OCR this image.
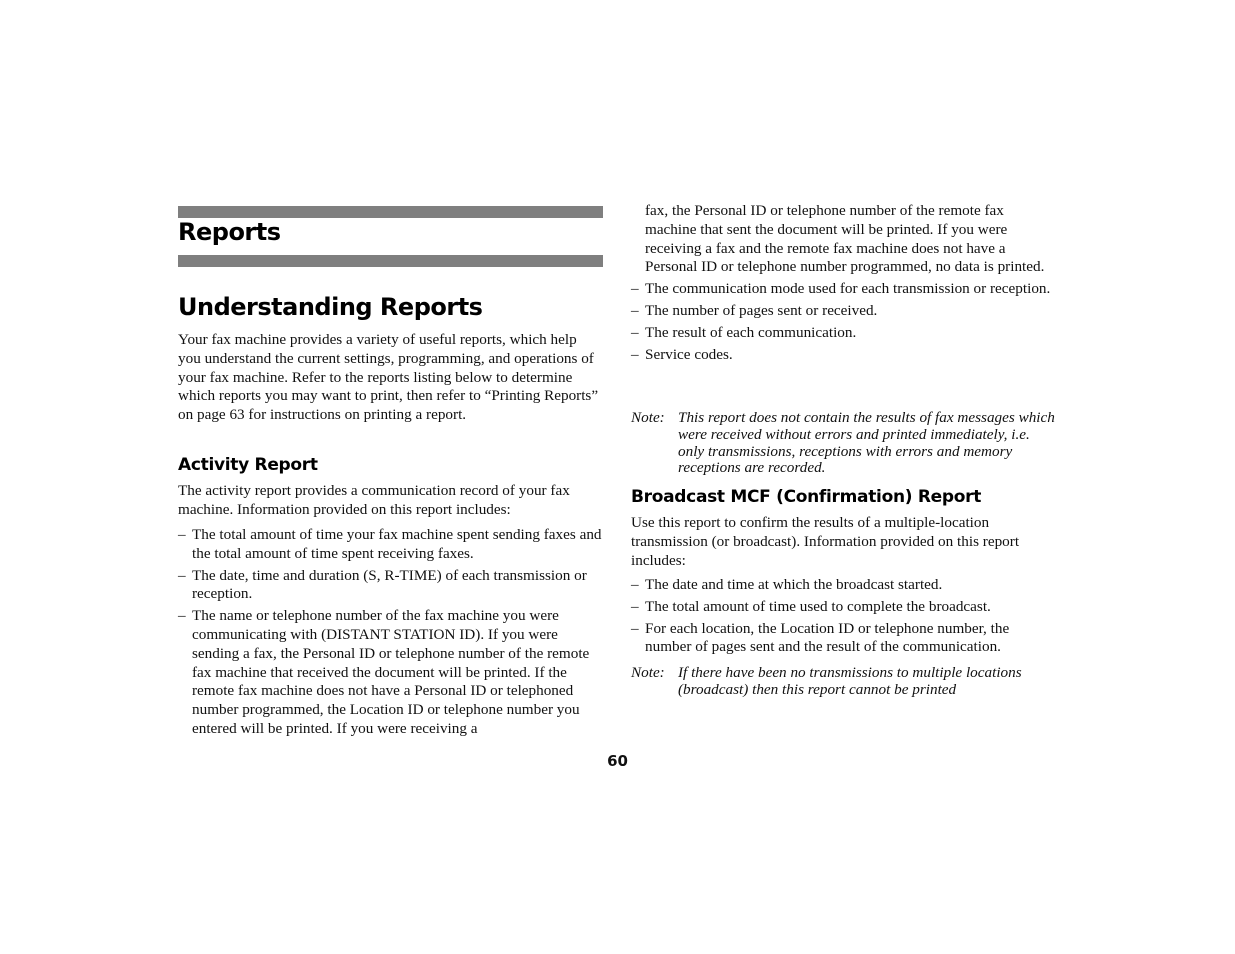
Reports
Understanding Reports

Your fax machine provides a variety of useful reports, which help you understand the current settings, programming, and operations of your fax machine. Refer to the reports listing below to determine which reports you may want to print, then refer to “Printing Reports” on page 63 for instructions on printing a report.

Activity Report

The activity report provides a communication record of your fax machine. Information provided on this report includes:

– The total amount of time your fax machine spent sending faxes and the total amount of time spent receiving faxes.
– The date, time and duration (S, R-TIME) of each transmission or reception.
– The name or telephone number of the fax machine you were communicating with (DISTANT STATION ID). If you were sending a fax, the Personal ID or telephone number of the remote fax machine that received the document will be printed. If the remote fax machine does not have a Personal ID or telephoned number programmed, the Location ID or telephone number you entered will be printed. If you were receiving a
fax, the Personal ID or telephone number of the remote fax machine that sent the document will be printed. If you were receiving a fax and the remote fax machine does not have a Personal ID or telephone number programmed, no data is printed.
– The communication mode used for each transmission or reception.
– The number of pages sent or received.
– The result of each communication.
– Service codes.
Note: This report does not contain the results of fax messages which were received without errors and printed immediately, i.e. only transmissions, receptions with errors and memory receptions are recorded.
Broadcast MCF (Confirmation) Report

Use this report to confirm the results of a multiple-location transmission (or broadcast). Information provided on this report includes:

– The date and time at which the broadcast started.
– The total amount of time used to complete the broadcast.
– For each location, the Location ID or telephone number, the number of pages sent and the result of the communication.
Note: If there have been no transmissions to multiple locations (broadcast) then this report cannot be printed
60
